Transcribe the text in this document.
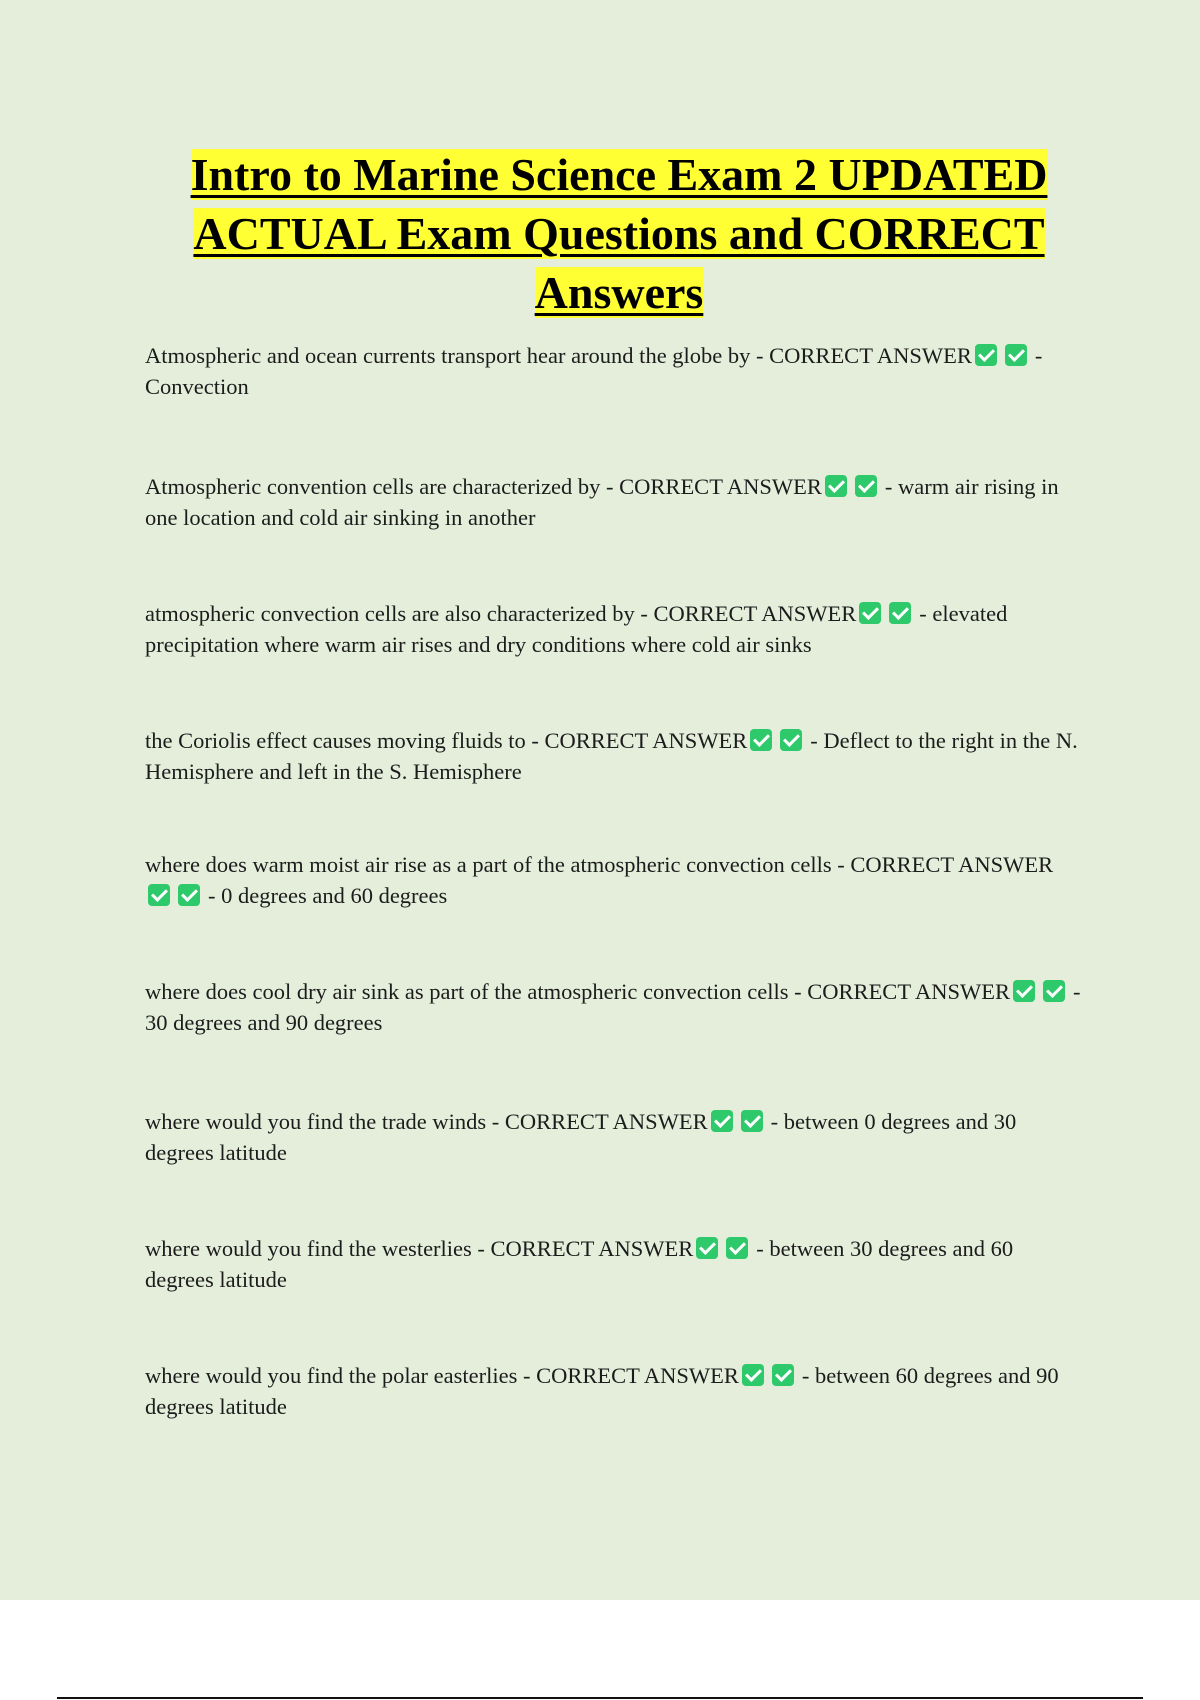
Intro to Marine Science Exam 2 UPDATED ACTUAL Exam Questions and CORRECT Answers

Atmospheric and ocean currents transport hear around the globe by - CORRECT ANSWER	- Convection

Atmospheric convention cells are characterized by - CORRECT ANSWER	- warm air rising in one location and cold air sinking in another

atmospheric convection cells are also characterized by - CORRECT ANSWER	- elevated precipitation where warm air rises and dry conditions where cold air sinks

the Coriolis effect causes moving fluids to - CORRECT ANSWER	- Deflect to the right in the N. Hemisphere and left in the S. Hemisphere

where does warm moist air rise as a part of the atmospheric convection cells - CORRECT ANSWER- 0 degrees and 60 degrees

where does cool dry air sink as part of the atmospheric convection cells - CORRECT ANSWER	- 30 degrees and 90 degrees

where would you find the trade winds - CORRECT ANSWER	- between 0 degrees and 30 degrees latitude

where would you find the westerlies - CORRECT ANSWER	- between 30 degrees and 60 degrees latitude

where would you find the polar easterlies - CORRECT ANSWER	- between 60 degrees and 90 degrees latitude
